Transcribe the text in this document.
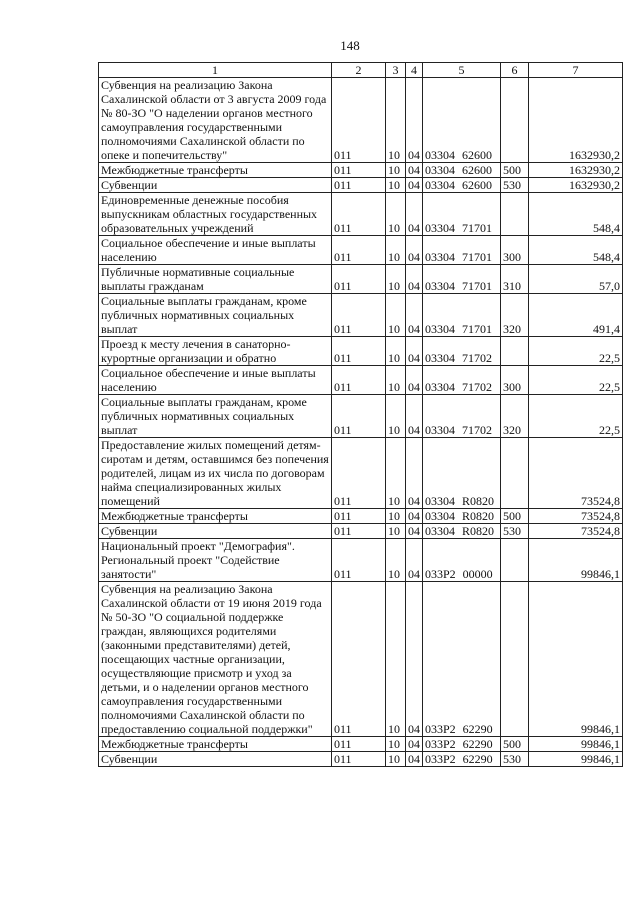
148
1	2	3	4	5	6	7
Субвенция на реализацию Закона Сахалинской области от 3 августа 2009 года № 80-ЗО "О наделении органов местного самоуправления государственными полномочиями Сахалинской области по опеке и попечительству"	011	10	04	03304 62600		1632930,2
Межбюджетные трансферты	011	10	04	03304 62600	500	1632930,2
Субвенции	011	10	04	03304 62600	530	1632930,2
Единовременные денежные пособия выпускникам областных государственных образовательных учреждений	011	10	04	03304 71701		548,4
Социальное обеспечение и иные выплаты населению	011	10	04	03304 71701	300	548,4
Публичные нормативные социальные выплаты гражданам	011	10	04	03304 71701	310	57,0
Социальные выплаты гражданам, кроме публичных нормативных социальных выплат	011	10	04	03304 71701	320	491,4
Проезд к месту лечения в санаторно-курортные организации и обратно	011	10	04	03304 71702		22,5
Социальное обеспечение и иные выплаты населению	011	10	04	03304 71702	300	22,5
Социальные выплаты гражданам, кроме публичных нормативных социальных выплат	011	10	04	03304 71702	320	22,5
Предоставление жилых помещений детям-сиротам и детям, оставшимся без попечения родителей, лицам из их числа по договорам найма специализированных жилых помещений	011	10	04	03304 R0820		73524,8
Межбюджетные трансферты	011	10	04	03304 R0820	500	73524,8
Субвенции	011	10	04	03304 R0820	530	73524,8
Национальный проект "Демография". Региональный проект "Содействие занятости"	011	10	04	033P2 00000		99846,1
Субвенция на реализацию Закона Сахалинской области от 19 июня 2019 года № 50-ЗО "О социальной поддержке граждан, являющихся родителями (законными представителями) детей, посещающих частные организации, осуществляющие присмотр и уход за детьми, и о наделении органов местного самоуправления государственными полномочиями Сахалинской области по предоставлению социальной поддержки"	011	10	04	033P2 62290		99846,1
Межбюджетные трансферты	011	10	04	033P2 62290	500	99846,1
Субвенции	011	10	04	033P2 62290	530	99846,1
